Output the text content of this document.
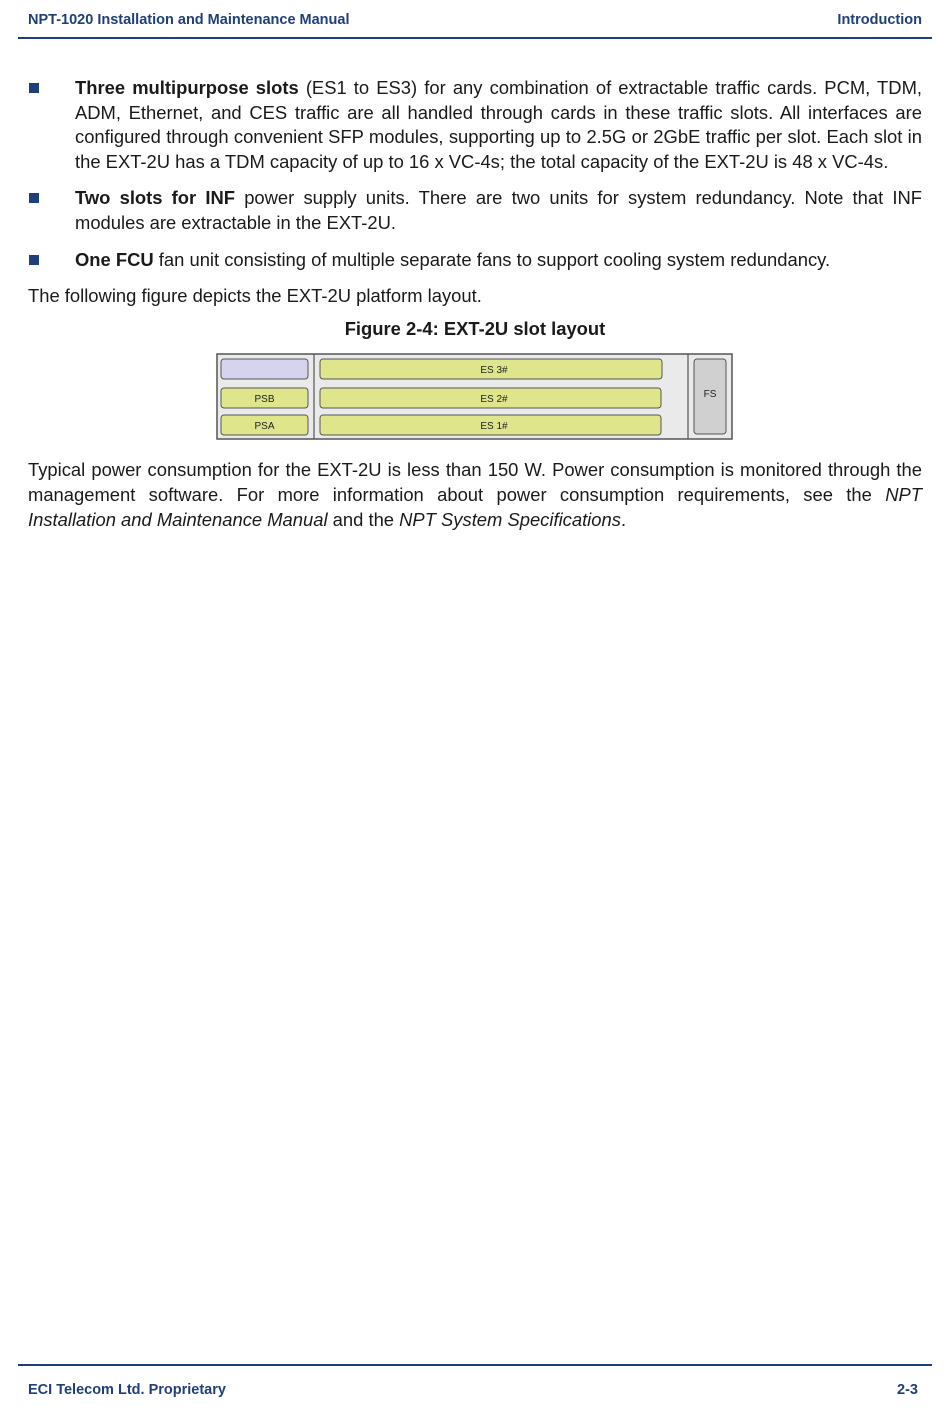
NPT-1020 Installation and Maintenance Manual	Introduction
Three multipurpose slots (ES1 to ES3) for any combination of extractable traffic cards. PCM, TDM, ADM, Ethernet, and CES traffic are all handled through cards in these traffic slots. All interfaces are configured through convenient SFP modules, supporting up to 2.5G or 2GbE traffic per slot. Each slot in the EXT-2U has a TDM capacity of up to 16 x VC-4s; the total capacity of the EXT-2U is 48 x VC-4s.
Two slots for INF power supply units. There are two units for system redundancy. Note that INF modules are extractable in the EXT-2U.
One FCU fan unit consisting of multiple separate fans to support cooling system redundancy.

The following figure depicts the EXT-2U platform layout.

Figure 2-4: EXT-2U slot layout

PSB
PSA
ES 3#
ES 2#
ES 1#
FS

Typical power consumption for the EXT-2U is less than 150 W. Power consumption is monitored through the management software. For more information about power consumption requirements, see the NPT Installation and Maintenance Manual and the NPT System Specifications.

ECI Telecom Ltd. Proprietary	2-3
